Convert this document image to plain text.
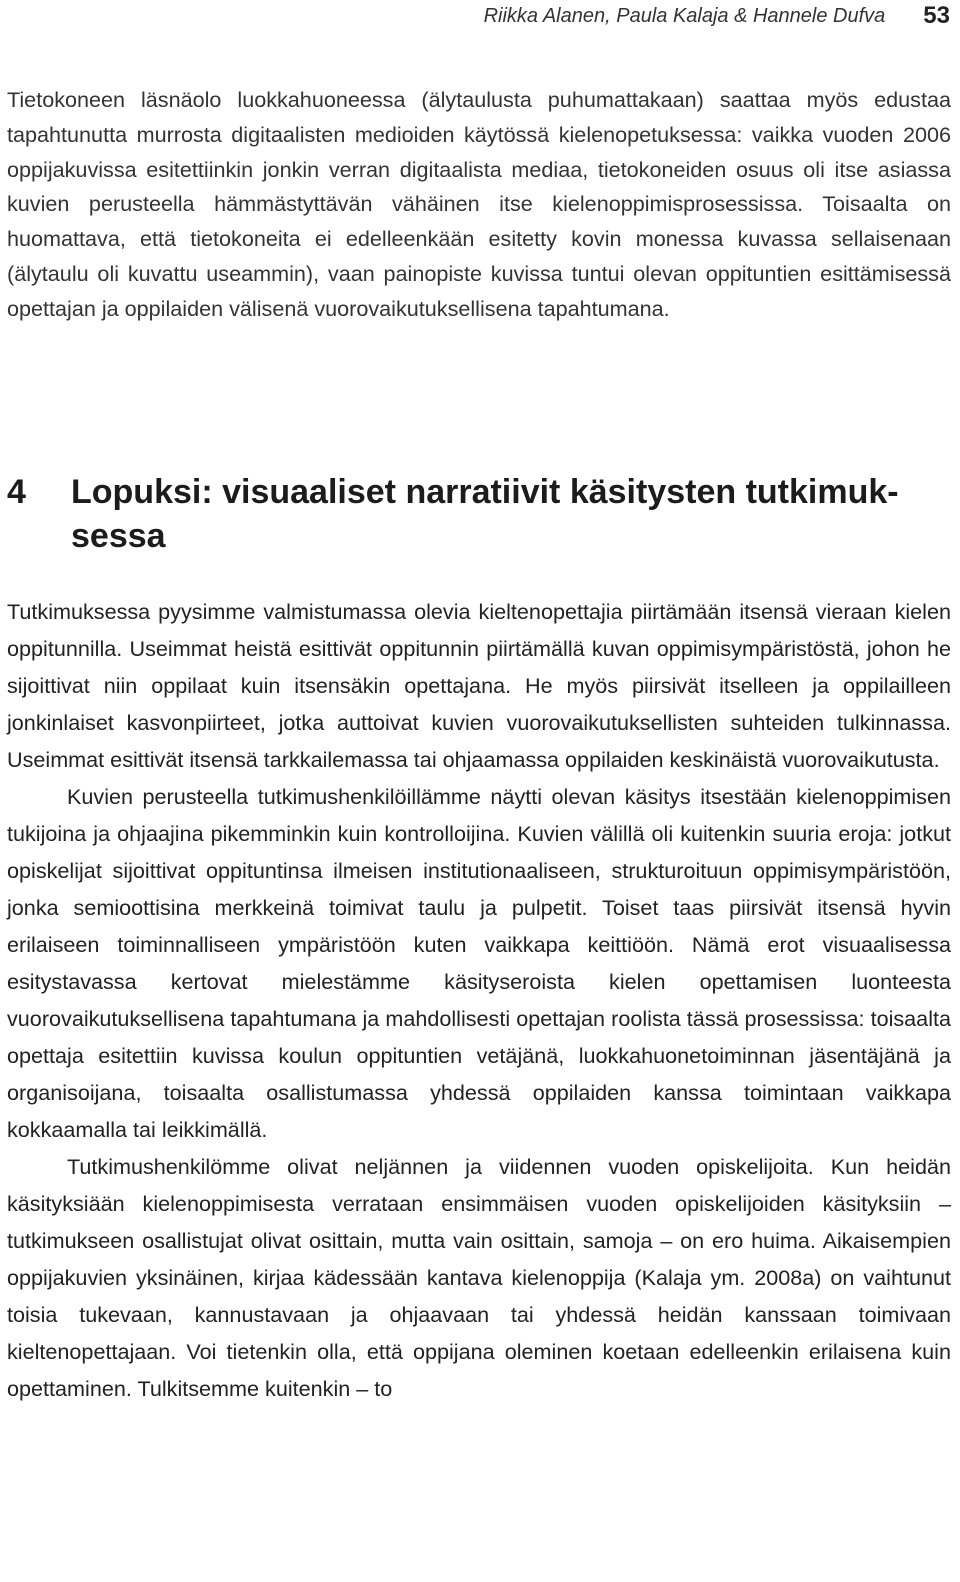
Riikka Alanen, Paula Kalaja & Hannele Dufva 53

Tietokoneen läsnäolo luokkahuoneessa (älytaulusta puhumattakaan) saattaa myös edustaa tapahtunutta murrosta digitaalisten medioiden käytössä kielenopetuksessa: vaikka vuoden 2006 oppijakuvissa esitettiinkin jonkin verran digitaalista mediaa, tietokoneiden osuus oli itse asiassa kuvien perusteella hämmästyttävän vähäinen itse kielenoppimisprosessissa. Toisaalta on huomattava, että tietokoneita ei edelleenkään esitetty kovin monessa kuvassa sellaisenaan (älytaulu oli kuvattu useammin), vaan painopiste kuvissa tuntui olevan oppituntien esittämisessä opettajan ja oppilaiden välisenä vuorovaikutuksellisena tapahtumana.

4	Lopuksi: visuaaliset narratiivit käsitysten tutkimuksessa

Tutkimuksessa pyysimme valmistumassa olevia kieltenopettajia piirtämään itsensä vieraan kielen oppitunnilla. Useimmat heistä esittivät oppitunnin piirtämällä kuvan oppimisympäristöstä, johon he sijoittivat niin oppilaat kuin itsensäkin opettajana. He myös piirsivät itselleen ja oppilailleen jonkinlaiset kasvonpiirteet, jotka auttoivat kuvien vuorovaikutuksellisten suhteiden tulkinnassa. Useimmat esittivät itsensä tarkkailemassa tai ohjaamassa oppilaiden keskinäistä vuorovaikutusta.

Kuvien perusteella tutkimushenkilöillämme näytti olevan käsitys itsestään kielenoppimisen tukijoina ja ohjaajina pikemminkin kuin kontrolloijina. Kuvien välillä oli kuitenkin suuria eroja: jotkut opiskelijat sijoittivat oppituntinsa ilmeisen institutionaaliseen, strukturoituun oppimisympäristöön, jonka semioottisina merkkeinä toimivat taulu ja pulpetit. Toiset taas piirsivät itsensä hyvin erilaiseen toiminnalliseen ympäristöön kuten vaikkapa keittiöön. Nämä erot visuaalisessa esitystavassa kertovat mielestämme käsityseroista kielen opettamisen luonteesta vuorovaikutuksellisena tapahtumana ja mahdollisesti opettajan roolista tässä prosessissa: toisaalta opettaja esitettiin kuvissa koulun oppituntien vetäjänä, luokkahuonetoiminnan jäsentäjänä ja organisoijana, toisaalta osallistumassa yhdessä oppilaiden kanssa toimintaan vaikkapa kokkaamalla tai leikkimällä.

Tutkimushenkilömme olivat neljännen ja viidennen vuoden opiskelijoita. Kun heidän käsityksiään kielenoppimisesta verrataan ensimmäisen vuoden opiskelijoiden käsityksiin – tutkimukseen osallistujat olivat osittain, mutta vain osittain, samoja – on ero huima. Aikaisempien oppijakuvien yksinäinen, kirjaa kädessään kantava kielenoppija (Kalaja ym. 2008a) on vaihtunut toisia tukevaan, kannustavaan ja ohjaavaan tai yhdessä heidän kanssaan toimivaan kieltenopettajaan. Voi tietenkin olla, että oppijana oleminen koetaan edelleenkin erilaisena kuin opettaminen. Tulkitsemme kuitenkin – to
